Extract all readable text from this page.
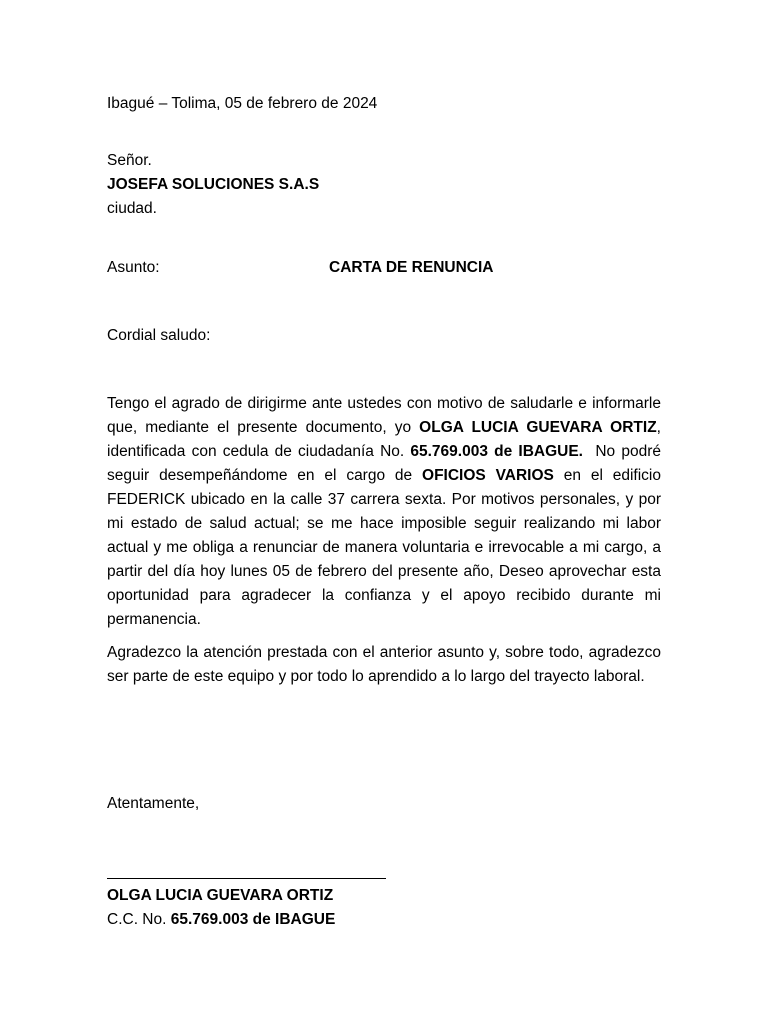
Ibagué – Tolima, 05 de febrero de 2024
Señor.
JOSEFA SOLUCIONES S.A.S
ciudad.
Asunto:	CARTA DE RENUNCIA
Cordial saludo:
Tengo el agrado de dirigirme ante ustedes con motivo de saludarle e informarle que, mediante el presente documento, yo OLGA LUCIA GUEVARA ORTIZ, identificada con cedula de ciudadanía No. 65.769.003 de IBAGUE.  No podré seguir desempeñándome en el cargo de OFICIOS VARIOS en el edificio FEDERICK ubicado en la calle 37 carrera sexta. Por motivos personales, y por mi estado de salud actual; se me hace imposible seguir realizando mi labor actual y me obliga a renunciar de manera voluntaria e irrevocable a mi cargo, a partir del día hoy lunes 05 de febrero del presente año, Deseo aprovechar esta oportunidad para agradecer la confianza y el apoyo recibido durante mi permanencia.
Agradezco la atención prestada con el anterior asunto y, sobre todo, agradezco ser parte de este equipo y por todo lo aprendido a lo largo del trayecto laboral.
Atentamente,
OLGA LUCIA GUEVARA ORTIZ
C.C. No. 65.769.003 de IBAGUE
